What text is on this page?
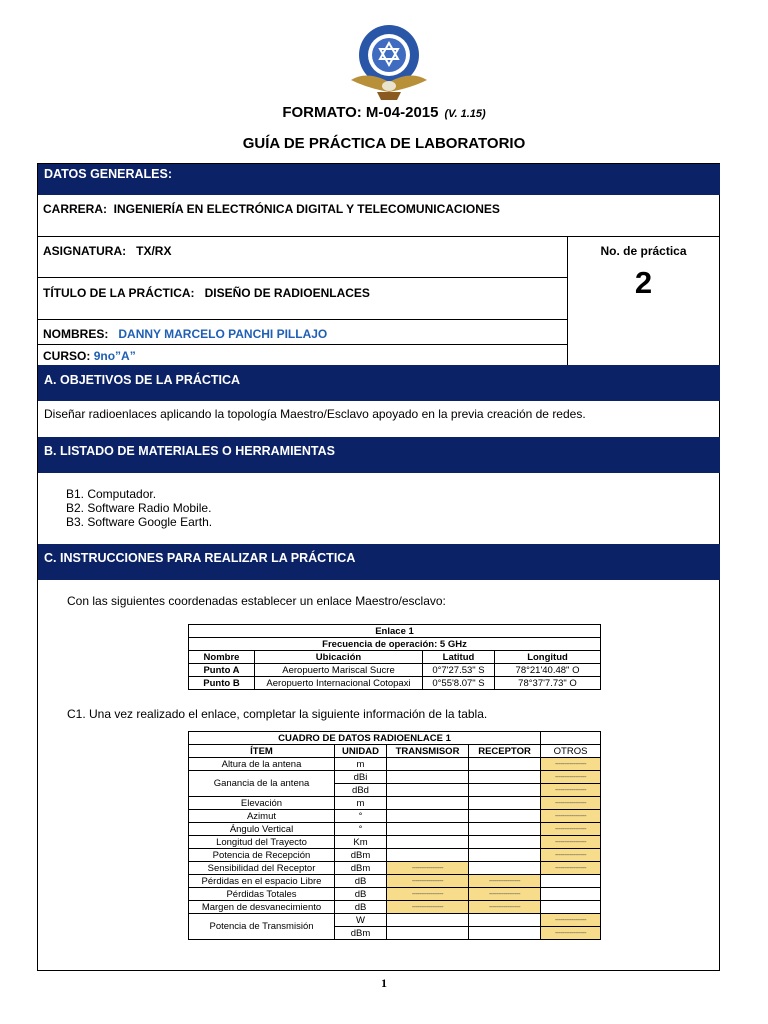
FORMATO: M-04-2015 (V. 1.15)
GUÍA DE PRÁCTICA DE LABORATORIO
DATOS GENERALES:
CARRERA: INGENIERÍA EN ELECTRÓNICA DIGITAL Y TELECOMUNICACIONES
ASIGNATURA: TX/RX	No. de práctica
2
TÍTULO DE LA PRÁCTICA: DISEÑO DE RADIOENLACES
NOMBRES: DANNY MARCELO PANCHI PILLAJO
CURSO: 9no”A”
A. OBJETIVOS DE LA PRÁCTICA
Diseñar radioenlaces aplicando la topología Maestro/Esclavo apoyado en la previa creación de redes.
B. LISTADO DE MATERIALES O HERRAMIENTAS
B1. Computador.
B2. Software Radio Mobile.
B3. Software Google Earth.
C. INSTRUCCIONES PARA REALIZAR LA PRÁCTICA
Con las siguientes coordenadas establecer un enlace Maestro/esclavo:
Enlace 1			
Frecuencia de operación: 5 GHz			
Nombre	Ubicación	Latitud	Longitud
Punto A	Aeropuerto Mariscal Sucre	0°7'27.53" S	78°21'40.48" O
Punto B	Aeropuerto Internacional Cotopaxi	0°55'8.07" S	78°37'7.73" O
C1. Una vez realizado el enlace, completar la siguiente información de la tabla.
CUADRO DE DATOS RADIOENLACE 1				
ÍTEM	UNIDAD	TRANSMISOR	RECEPTOR	OTROS
Altura de la antena	m			-----------------
Ganancia de la antena	dBi			-----------------
	dBd			-----------------
Elevación	m			-----------------
Azimut	°			-----------------
Ángulo Vertical	°			-----------------
Longitud del Trayecto	Km			-----------------
Potencia de Recepción	dBm			-----------------
Sensibilidad del Receptor	dBm	-----------------		-----------------
Pérdidas en el espacio Libre	dB	-----------------	-----------------	
Pérdidas Totales	dB	-----------------	-----------------	
Margen de desvanecimiento	dB	-----------------	-----------------	
Potencia de Transmisión	W			-----------------
	dBm			-----------------
1
